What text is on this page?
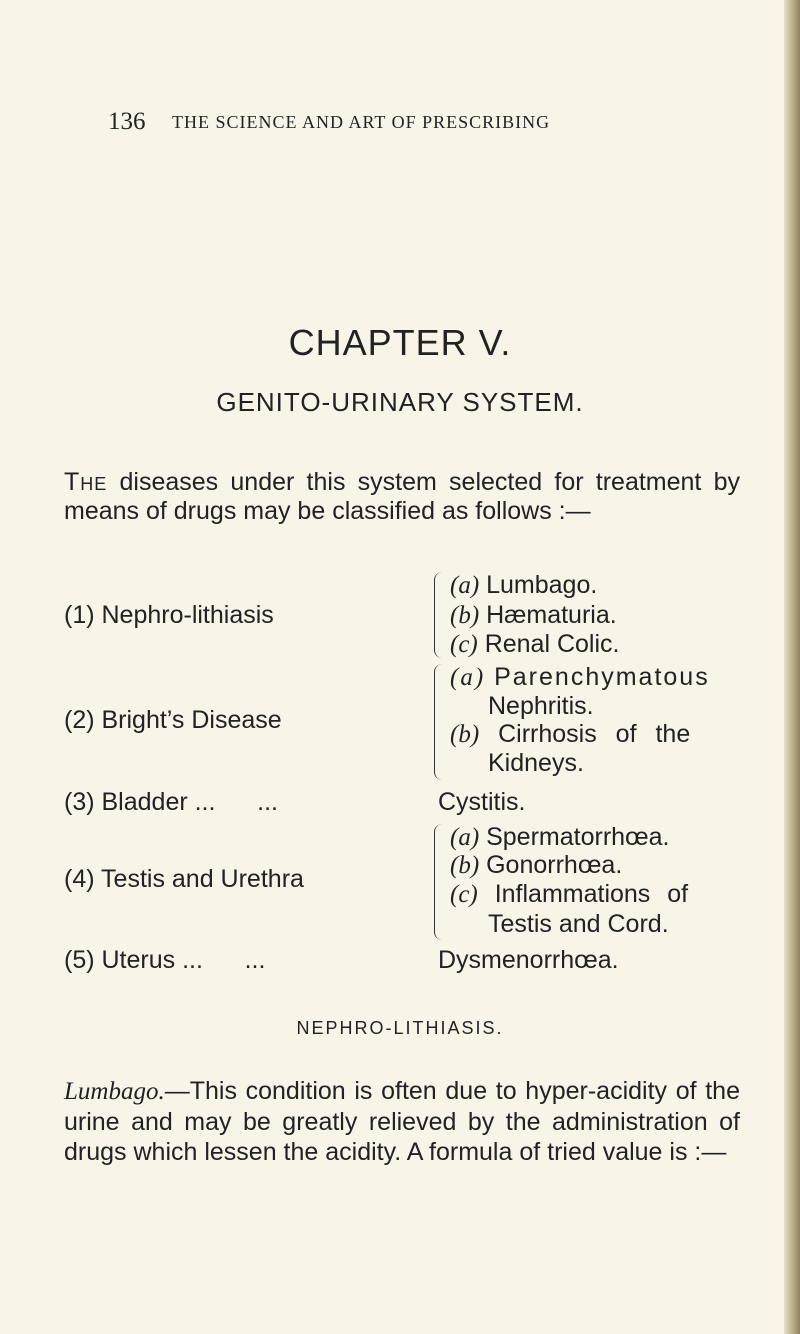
136 THE SCIENCE AND ART OF PRESCRIBING
CHAPTER V.
GENITO-URINARY SYSTEM.

The diseases under this system selected for treatment by means of drugs may be classified as follows :—

(1) Nephro-lithiasis
(a) Lumbago.
(b) Hæmaturia.
(c) Renal Colic.
(2) Bright’s Disease
(a) Parenchymatous
Nephritis.
(b) Cirrhosis of the
Kidneys.
(3) Bladder ...      ...	Cystitis.
(4) Testis and Urethra
(a) Spermatorrhœa.
(b) Gonorrhœa.
(c) Inflammations of
Testis and Cord.
(5) Uterus ...      ...	Dysmenorrhœa.
NEPHRO-LITHIASIS.

Lumbago.—This condition is often due to hyper-acidity of the urine and may be greatly relieved by the administration of drugs which lessen the acidity. A formula of tried value is :—
